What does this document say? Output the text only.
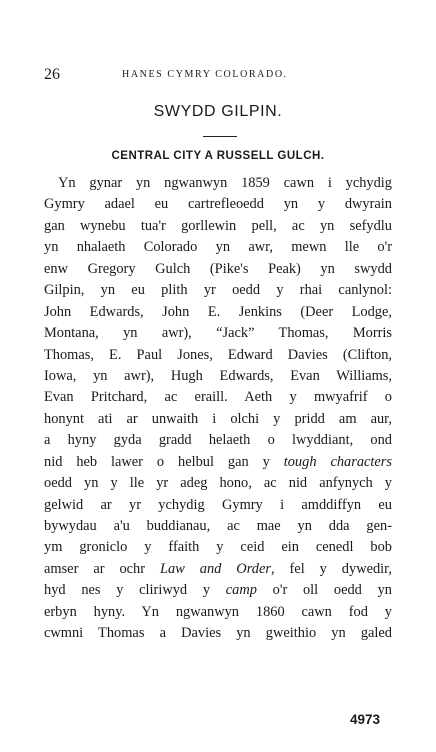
26	HANES CYMRY COLORADO.
SWYDD GILPIN.
CENTRAL CITY A RUSSELL GULCH.
Yn gynar yn ngwanwyn 1859 cawn i ychydig
Gymry adael eu cartrefleoedd yn y dwyrain
gan wynebu tua'r gorllewin pell, ac yn sefydlu
yn nhalaeth Colorado yn awr, mewn lle o'r
enw Gregory Gulch (Pike's Peak) yn swydd
Gilpin, yn eu plith yr oedd y rhai canlynol:
John Edwards, John E. Jenkins (Deer Lodge,
Montana, yn awr), “Jack” Thomas, Morris
Thomas, E. Paul Jones, Edward Davies (Clifton,
Iowa, yn awr), Hugh Edwards, Evan Williams,
Evan Pritchard, ac eraill. Aeth y mwyafrif o
honynt ati ar unwaith i olchi y pridd am aur,
a hyny gyda gradd helaeth o lwyddiant, ond
nid heb lawer o helbul gan y tough characters
oedd yn y lle yr adeg hono, ac nid anfynych y
gelwid ar yr ychydig Gymry i amddiffyn eu
bywydau a'u buddianau, ac mae yn dda gen-
ym groniclo y ffaith y ceid ein cenedl bob
amser ar ochr Law and Order, fel y dywedir,
hyd nes y cliriwyd y camp o'r oll oedd yn
erbyn hyny. Yn ngwanwyn 1860 cawn fod y
cwmni Thomas a Davies yn gweithio yn galed
4973
